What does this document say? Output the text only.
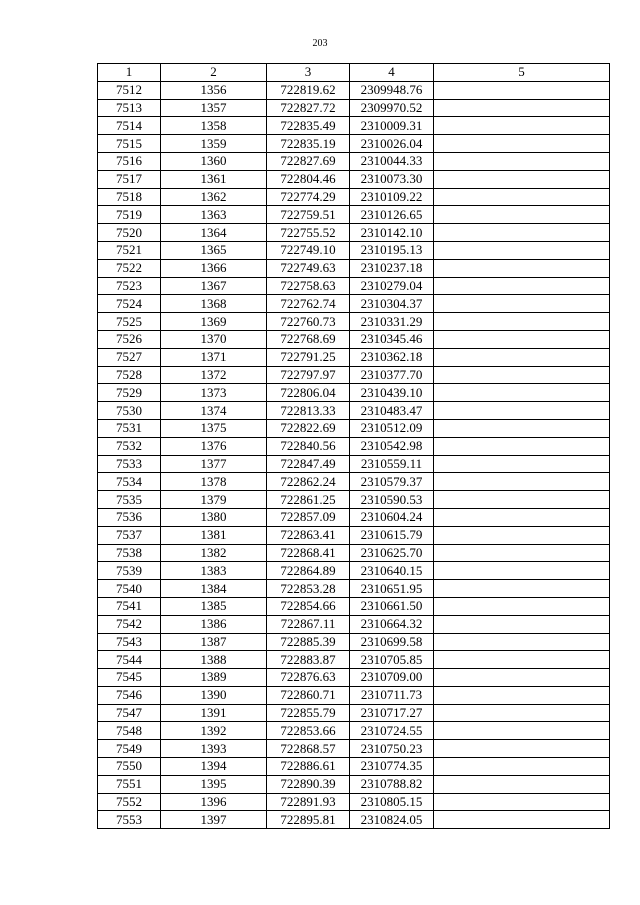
203
1	2	3	4	5
7512	1356	722819.62	2309948.76	
7513	1357	722827.72	2309970.52	
7514	1358	722835.49	2310009.31	
7515	1359	722835.19	2310026.04	
7516	1360	722827.69	2310044.33	
7517	1361	722804.46	2310073.30	
7518	1362	722774.29	2310109.22	
7519	1363	722759.51	2310126.65	
7520	1364	722755.52	2310142.10	
7521	1365	722749.10	2310195.13	
7522	1366	722749.63	2310237.18	
7523	1367	722758.63	2310279.04	
7524	1368	722762.74	2310304.37	
7525	1369	722760.73	2310331.29	
7526	1370	722768.69	2310345.46	
7527	1371	722791.25	2310362.18	
7528	1372	722797.97	2310377.70	
7529	1373	722806.04	2310439.10	
7530	1374	722813.33	2310483.47	
7531	1375	722822.69	2310512.09	
7532	1376	722840.56	2310542.98	
7533	1377	722847.49	2310559.11	
7534	1378	722862.24	2310579.37	
7535	1379	722861.25	2310590.53	
7536	1380	722857.09	2310604.24	
7537	1381	722863.41	2310615.79	
7538	1382	722868.41	2310625.70	
7539	1383	722864.89	2310640.15	
7540	1384	722853.28	2310651.95	
7541	1385	722854.66	2310661.50	
7542	1386	722867.11	2310664.32	
7543	1387	722885.39	2310699.58	
7544	1388	722883.87	2310705.85	
7545	1389	722876.63	2310709.00	
7546	1390	722860.71	2310711.73	
7547	1391	722855.79	2310717.27	
7548	1392	722853.66	2310724.55	
7549	1393	722868.57	2310750.23	
7550	1394	722886.61	2310774.35	
7551	1395	722890.39	2310788.82	
7552	1396	722891.93	2310805.15	
7553	1397	722895.81	2310824.05	
